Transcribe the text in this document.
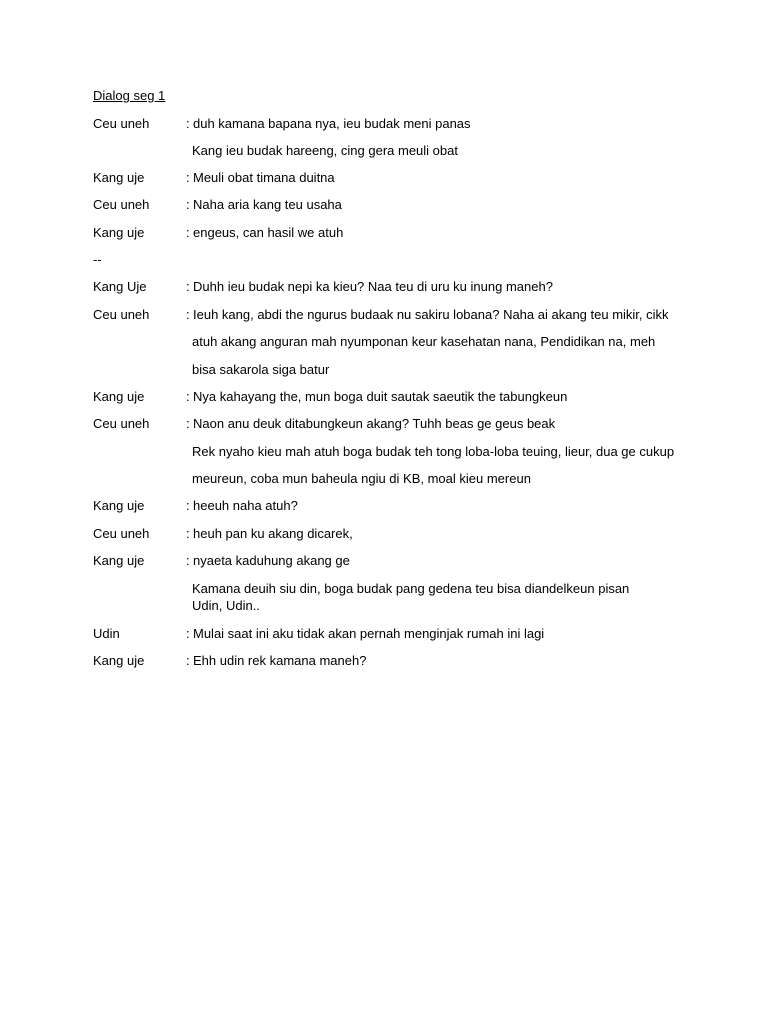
Dialog seg 1
Ceu uneh	: duh kamana bapana nya, ieu budak meni panas
Kang ieu budak hareeng, cing gera meuli obat
Kang uje	: Meuli obat timana duitna
Ceu uneh	: Naha aria kang teu usaha
Kang uje	: engeus, can hasil we atuh
--
Kang Uje	: Duhh ieu budak nepi ka kieu? Naa teu di uru ku inung maneh?
Ceu uneh	: Ieuh kang, abdi the ngurus budaak nu sakiru lobana? Naha ai akang teu mikir, cikk
atuh akang anguran mah nyumponan keur kasehatan nana, Pendidikan na, meh
bisa sakarola siga batur
Kang uje	: Nya kahayang the, mun boga duit sautak saeutik the tabungkeun
Ceu uneh	: Naon anu deuk ditabungkeun akang? Tuhh beas ge geus beak
Rek nyaho kieu mah atuh boga budak teh tong loba-loba teuing, lieur, dua ge cukup
meureun, coba mun baheula ngiu di KB, moal kieu mereun
Kang uje	: heeuh naha atuh?
Ceu uneh	: heuh pan ku akang dicarek,
Kang uje	: nyaeta kaduhung akang ge
Kamana deuih siu din, boga budak pang gedena teu bisa diandelkeun pisan
Udin, Udin..
Udin	: Mulai saat ini aku tidak akan pernah menginjak rumah ini lagi
Kang uje	: Ehh udin rek kamana maneh?
